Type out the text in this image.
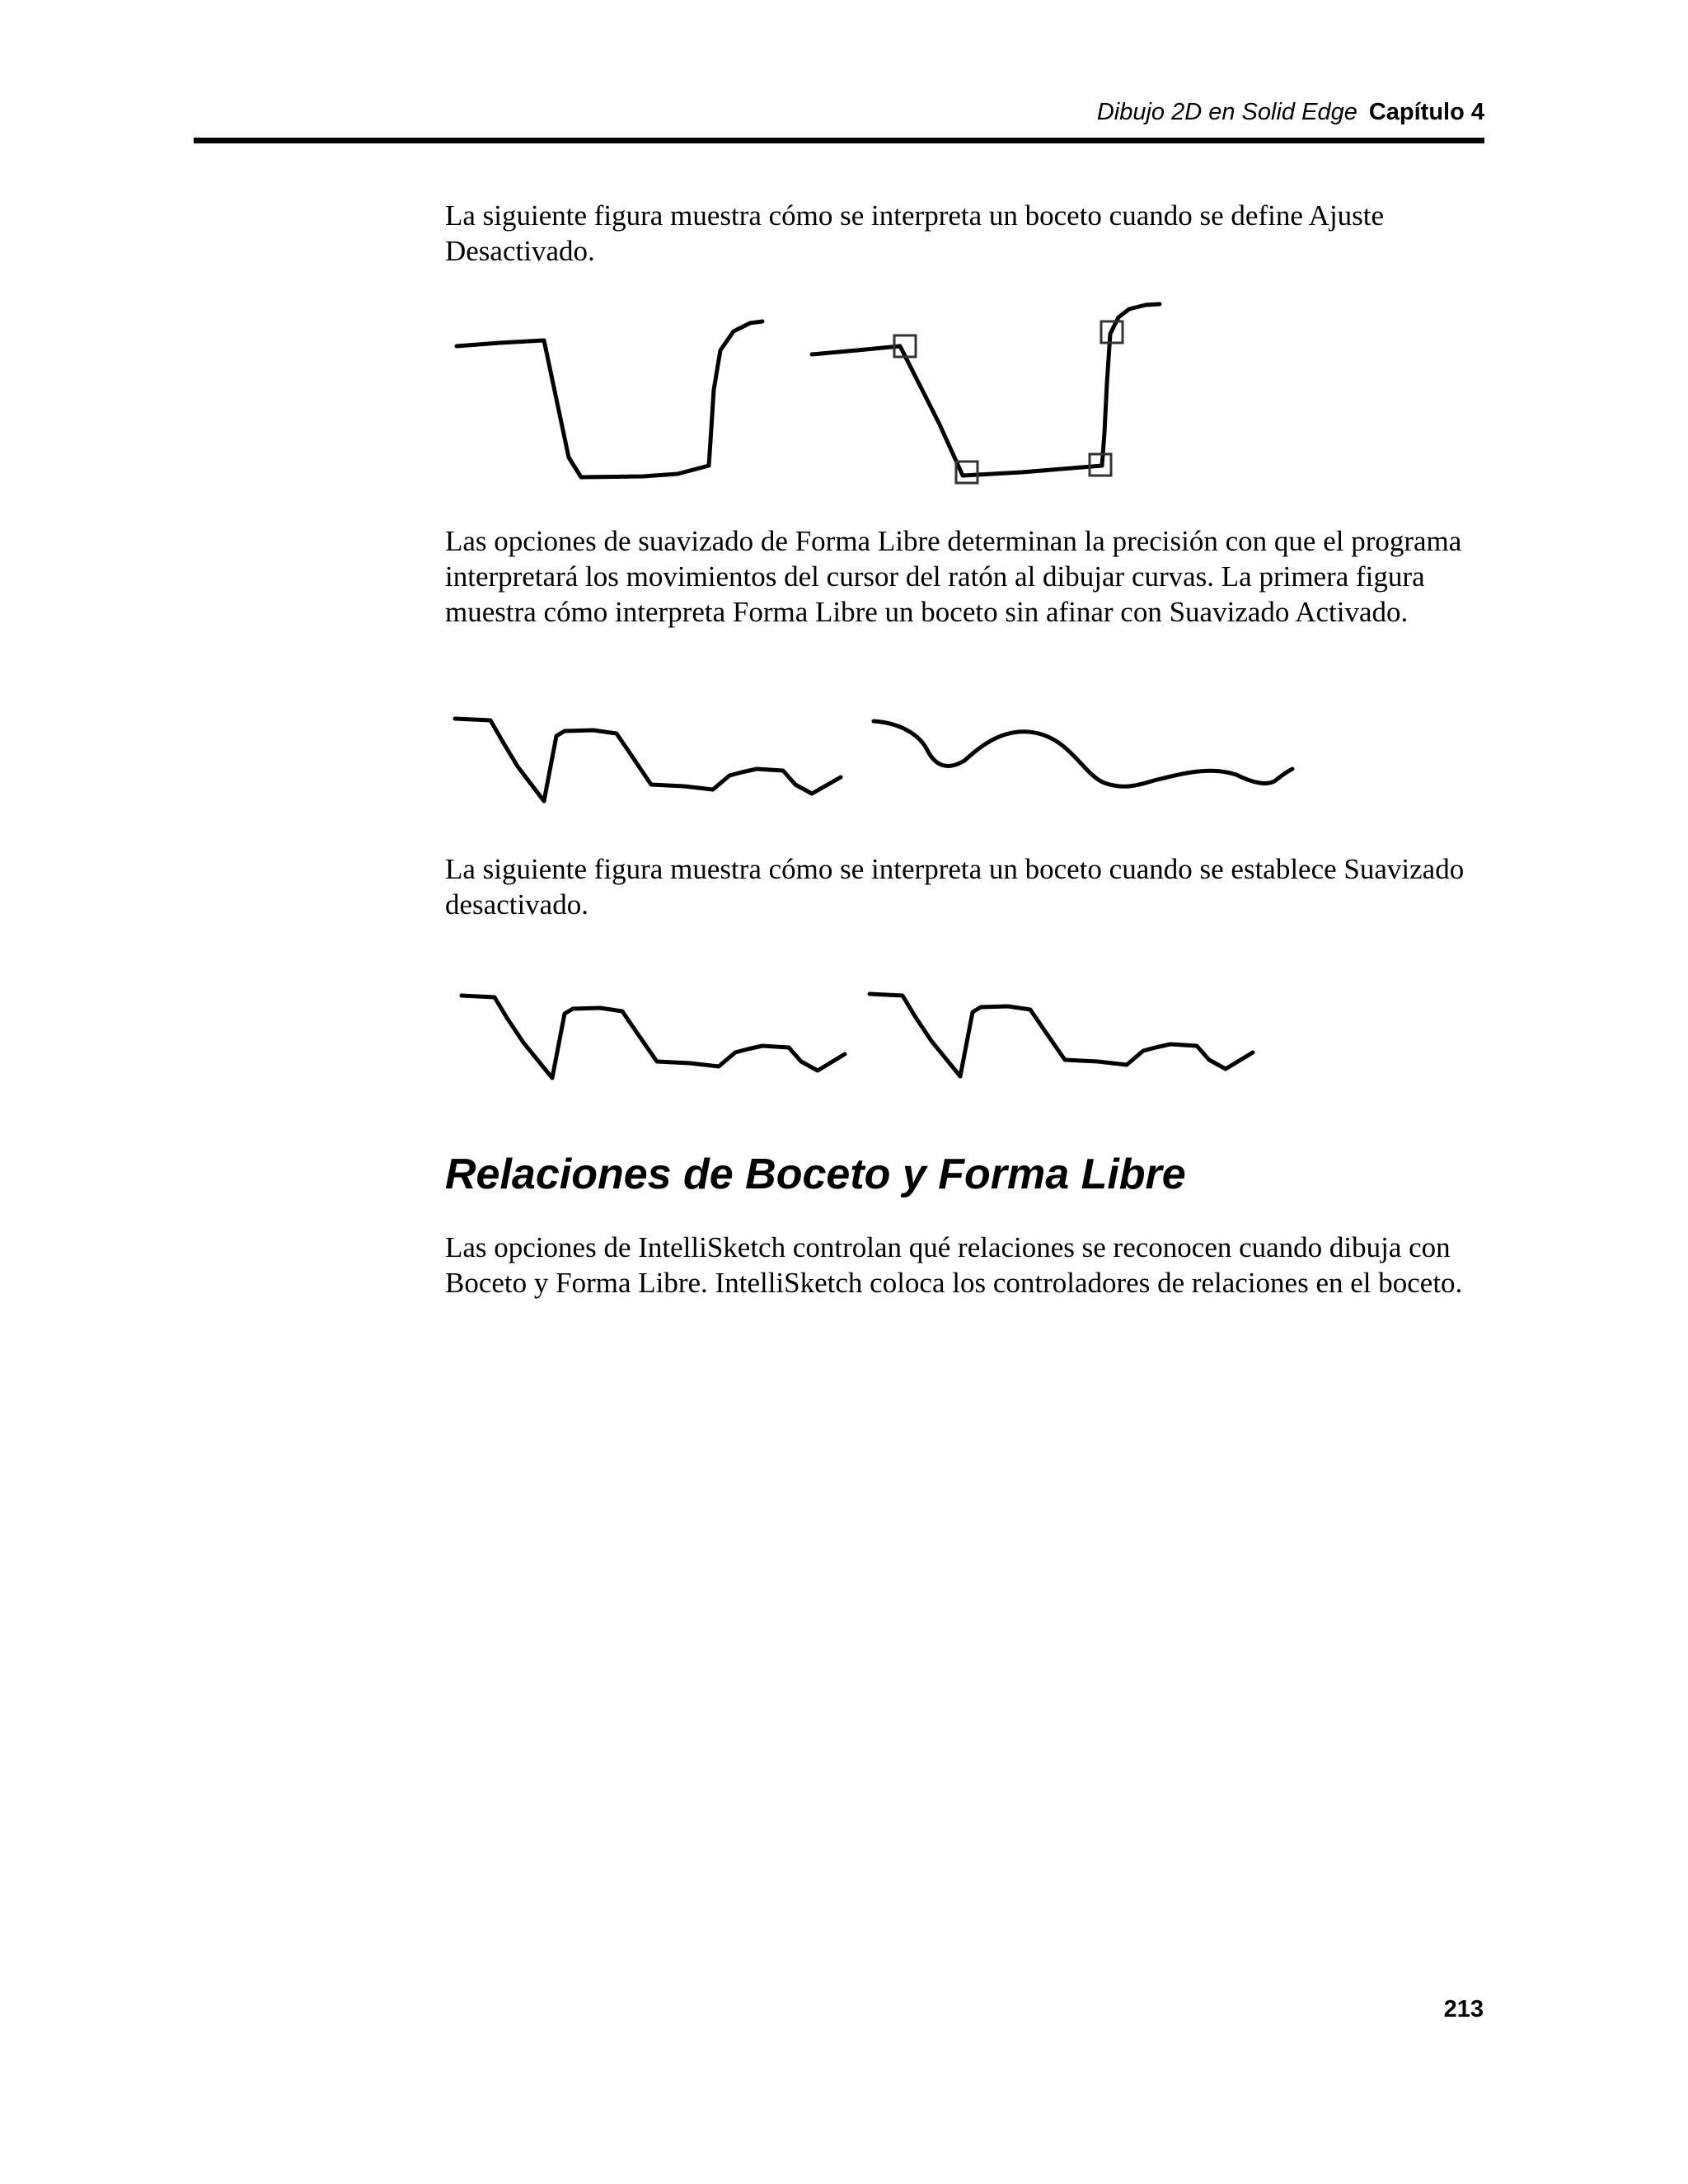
Dibujo 2D en Solid Edge Capítulo 4

La siguiente figura muestra cómo se interpreta un boceto cuando se define Ajuste Desactivado.

Las opciones de suavizado de Forma Libre determinan la precisión con que el programa interpretará los movimientos del cursor del ratón al dibujar curvas. La primera figura muestra cómo interpreta Forma Libre un boceto sin afinar con Suavizado Activado.

La siguiente figura muestra cómo se interpreta un boceto cuando se establece Suavizado desactivado.

Relaciones de Boceto y Forma Libre

Las opciones de IntelliSketch controlan qué relaciones se reconocen cuando dibuja con Boceto y Forma Libre. IntelliSketch coloca los controladores de relaciones en el boceto.

213
